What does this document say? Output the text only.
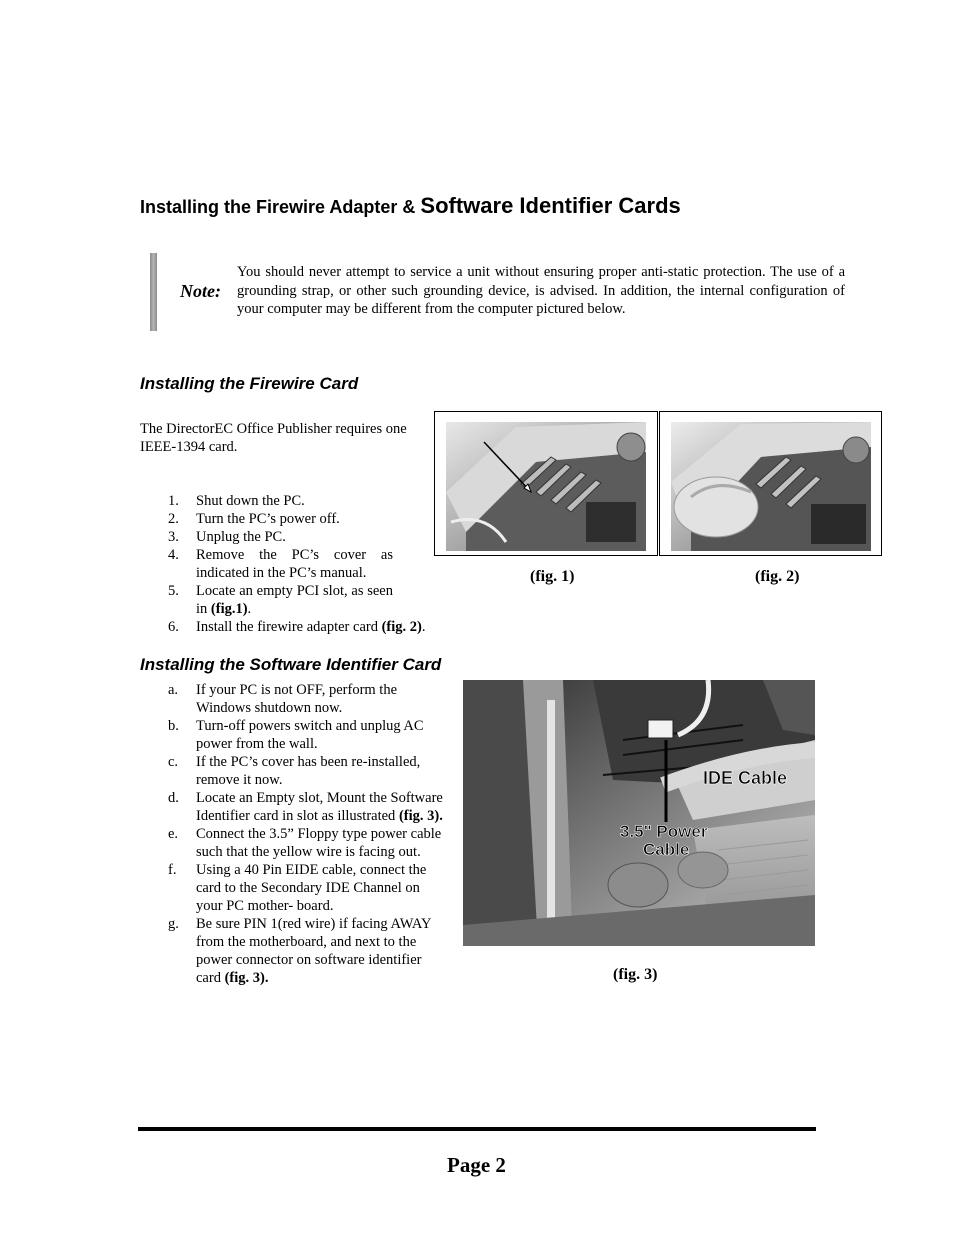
Installing the Firewire Adapter & Software Identifier Cards
Note:
You should never attempt to service a unit without ensuring proper anti-static protection. The use of a grounding strap, or other such grounding device, is advised. In addition, the internal configuration of your computer may be different from the computer pictured below.
Installing the Firewire Card
The DirectorEC Office Publisher requires one IEEE-1394 card.
1. Shut down the PC.
2. Turn the PC’s power off.
3. Unplug the PC.
4. Remove the PC’s cover as indicated in the PC’s manual.
5. Locate an empty PCI slot, as seen in (fig.1).
6. Install the firewire adapter card (fig. 2).
(fig. 1)	(fig. 2)
Installing the Software Identifier Card
a. If your PC is not OFF, perform the Windows shutdown now.
b. Turn-off powers switch and unplug AC power from the wall.
c. If the PC’s cover has been re-installed, remove it now.
d. Locate an Empty slot, Mount the Software Identifier card in slot as illustrated (fig. 3).
e. Connect the 3.5” Floppy type power cable such that the yellow wire is facing out.
f. Using a 40 Pin EIDE cable, connect the card to the Secondary IDE Channel on your PC mother- board.
g. Be sure PIN 1(red wire) if facing AWAY from the motherboard, and next to the power connector on software identifier card (fig. 3).
IDE Cable
3.5" Power
Cable
(fig. 3)
Page 2
